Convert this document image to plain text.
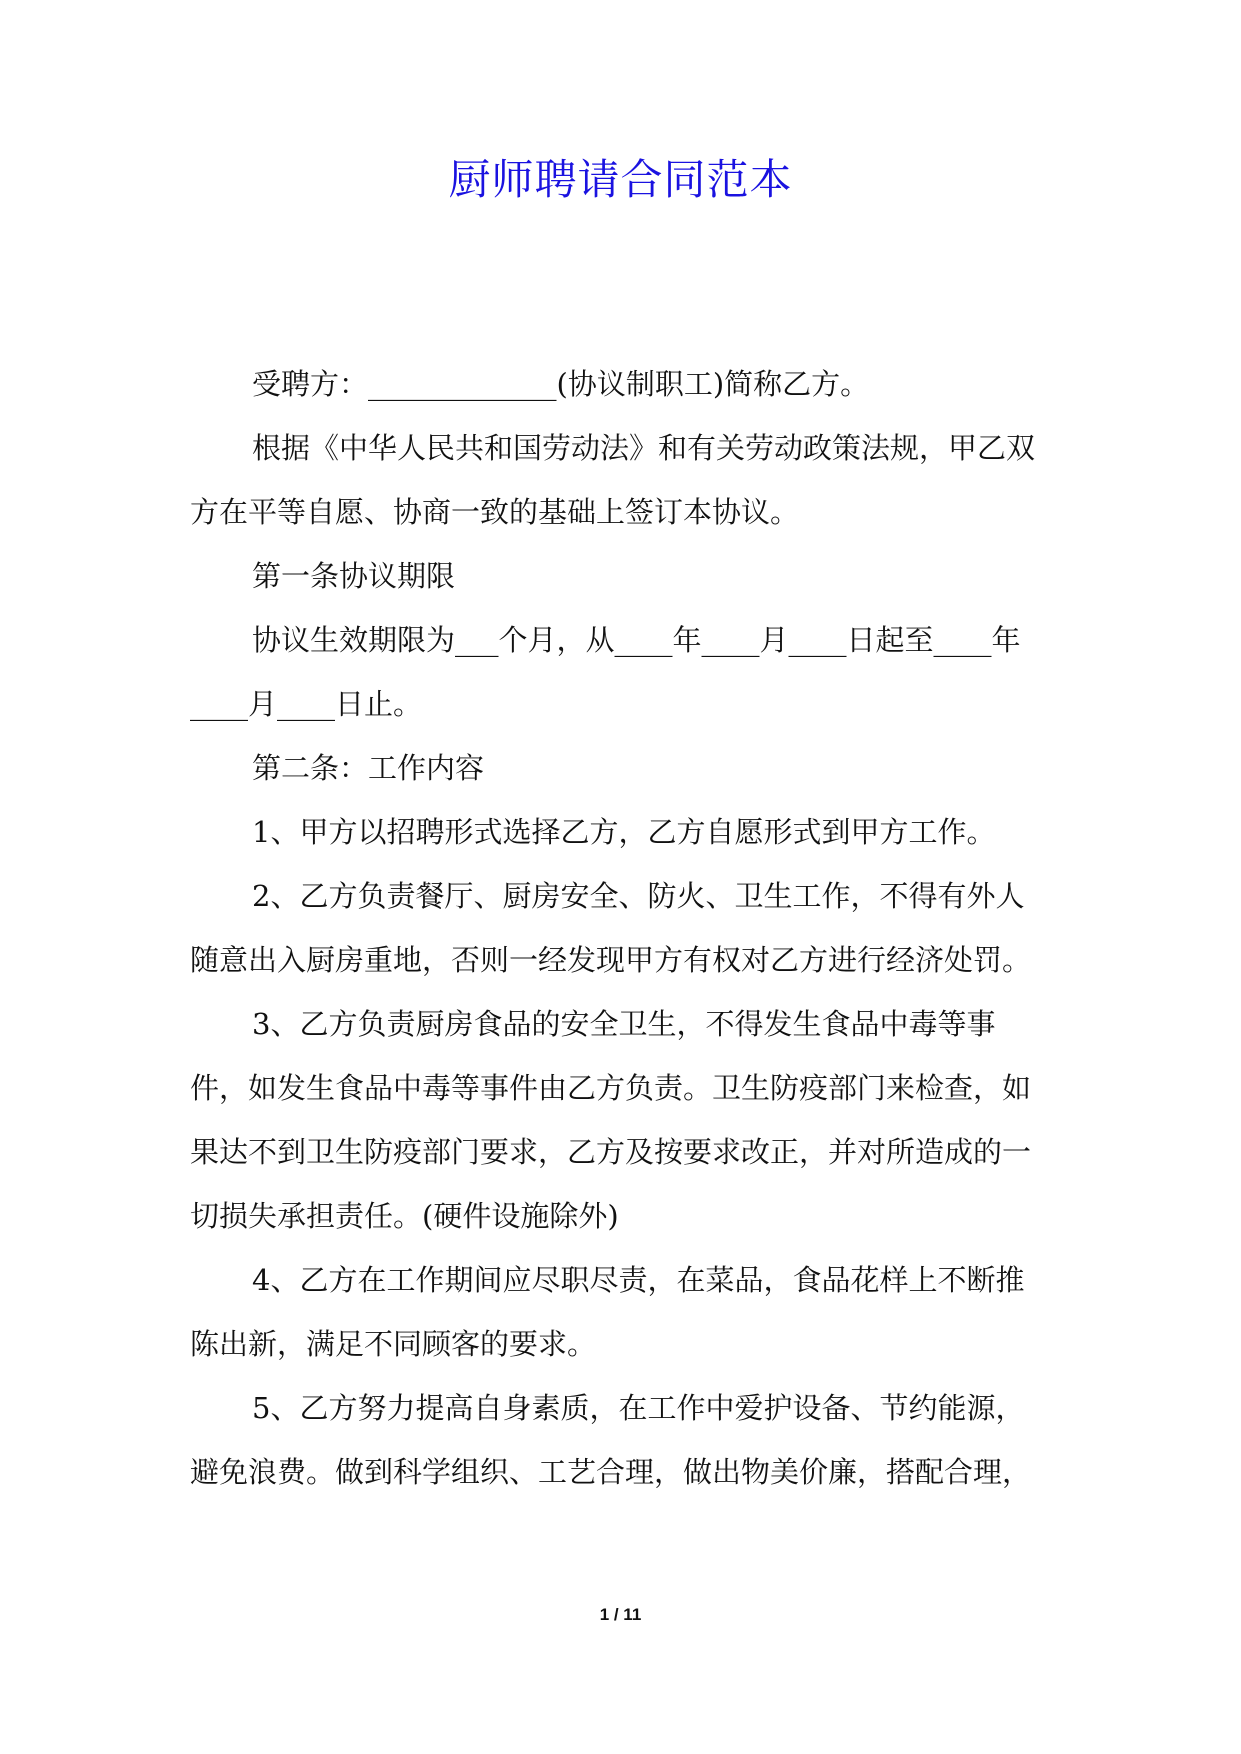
厨师聘请合同范本

受聘方：_____________(协议制职工)简称乙方。

根据《中华人民共和国劳动法》和有关劳动政策法规，甲乙双方在平等自愿、协商一致的基础上签订本协议。

第一条协议期限

协议生效期限为___个月，从____年____月____日起至____年____月____日止。

第二条：工作内容

1、甲方以招聘形式选择乙方，乙方自愿形式到甲方工作。

2、乙方负责餐厅、厨房安全、防火、卫生工作，不得有外人随意出入厨房重地，否则一经发现甲方有权对乙方进行经济处罚。

3、乙方负责厨房食品的安全卫生，不得发生食品中毒等事件，如发生食品中毒等事件由乙方负责。卫生防疫部门来检查，如果达不到卫生防疫部门要求，乙方及按要求改正，并对所造成的一切损失承担责任。(硬件设施除外)

4、乙方在工作期间应尽职尽责，在菜品，食品花样上不断推陈出新，满足不同顾客的要求。

5、乙方努力提高自身素质，在工作中爱护设备、节约能源，避免浪费。做到科学组织、工艺合理，做出物美价廉，搭配合理，

1 / 11
